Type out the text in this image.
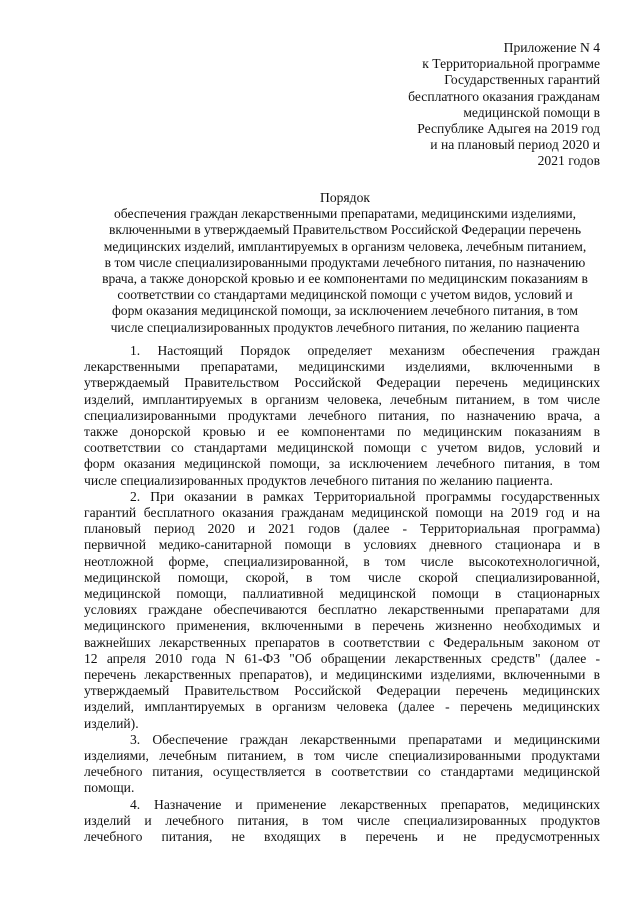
Приложение N 4
к Территориальной программе
Государственных гарантий
бесплатного оказания гражданам
медицинской помощи в
Республике Адыгея на 2019 год
и на плановый период 2020 и
2021 годов
Порядок
обеспечения граждан лекарственными препаратами, медицинскими изделиями,
включенными в утверждаемый Правительством Российской Федерации перечень
медицинских изделий, имплантируемых в организм человека, лечебным питанием,
в том числе специализированными продуктами лечебного питания, по назначению
врача, а также донорской кровью и ее компонентами по медицинским показаниям в
соответствии со стандартами медицинской помощи с учетом видов, условий и
форм оказания медицинской помощи, за исключением лечебного питания, в том
числе специализированных продуктов лечебного питания, по желанию пациента

1. Настоящий Порядок определяет механизм обеспечения граждан
лекарственными препаратами, медицинскими изделиями, включенными в
утверждаемый Правительством Российской Федерации перечень медицинских
изделий, имплантируемых в организм человека, лечебным питанием, в том числе
специализированными продуктами лечебного питания, по назначению врача, а
также донорской кровью и ее компонентами по медицинским показаниям в
соответствии со стандартами медицинской помощи с учетом видов, условий и
форм оказания медицинской помощи, за исключением лечебного питания, в том
числе специализированных продуктов лечебного питания по желанию пациента.

2. При оказании в рамках Территориальной программы государственных
гарантий бесплатного оказания гражданам медицинской помощи на 2019 год и на
плановый период 2020 и 2021 годов (далее - Территориальная программа)
первичной медико-санитарной помощи в условиях дневного стационара и в
неотложной форме, специализированной, в том числе высокотехнологичной,
медицинской помощи, скорой, в том числе скорой специализированной,
медицинской помощи, паллиативной медицинской помощи в стационарных
условиях граждане обеспечиваются бесплатно лекарственными препаратами для
медицинского применения, включенными в перечень жизненно необходимых и
важнейших лекарственных препаратов в соответствии с Федеральным законом от
12 апреля 2010 года N 61-ФЗ "Об обращении лекарственных средств" (далее -
перечень лекарственных препаратов), и медицинскими изделиями, включенными в
утверждаемый Правительством Российской Федерации перечень медицинских
изделий, имплантируемых в организм человека (далее - перечень медицинских
изделий).

3. Обеспечение граждан лекарственными препаратами и медицинскими
изделиями, лечебным питанием, в том числе специализированными продуктами
лечебного питания, осуществляется в соответствии со стандартами медицинской
помощи.

4. Назначение и применение лекарственных препаратов, медицинских
изделий и лечебного питания, в том числе специализированных продуктов
лечебного питания, не входящих в перечень и не предусмотренных
